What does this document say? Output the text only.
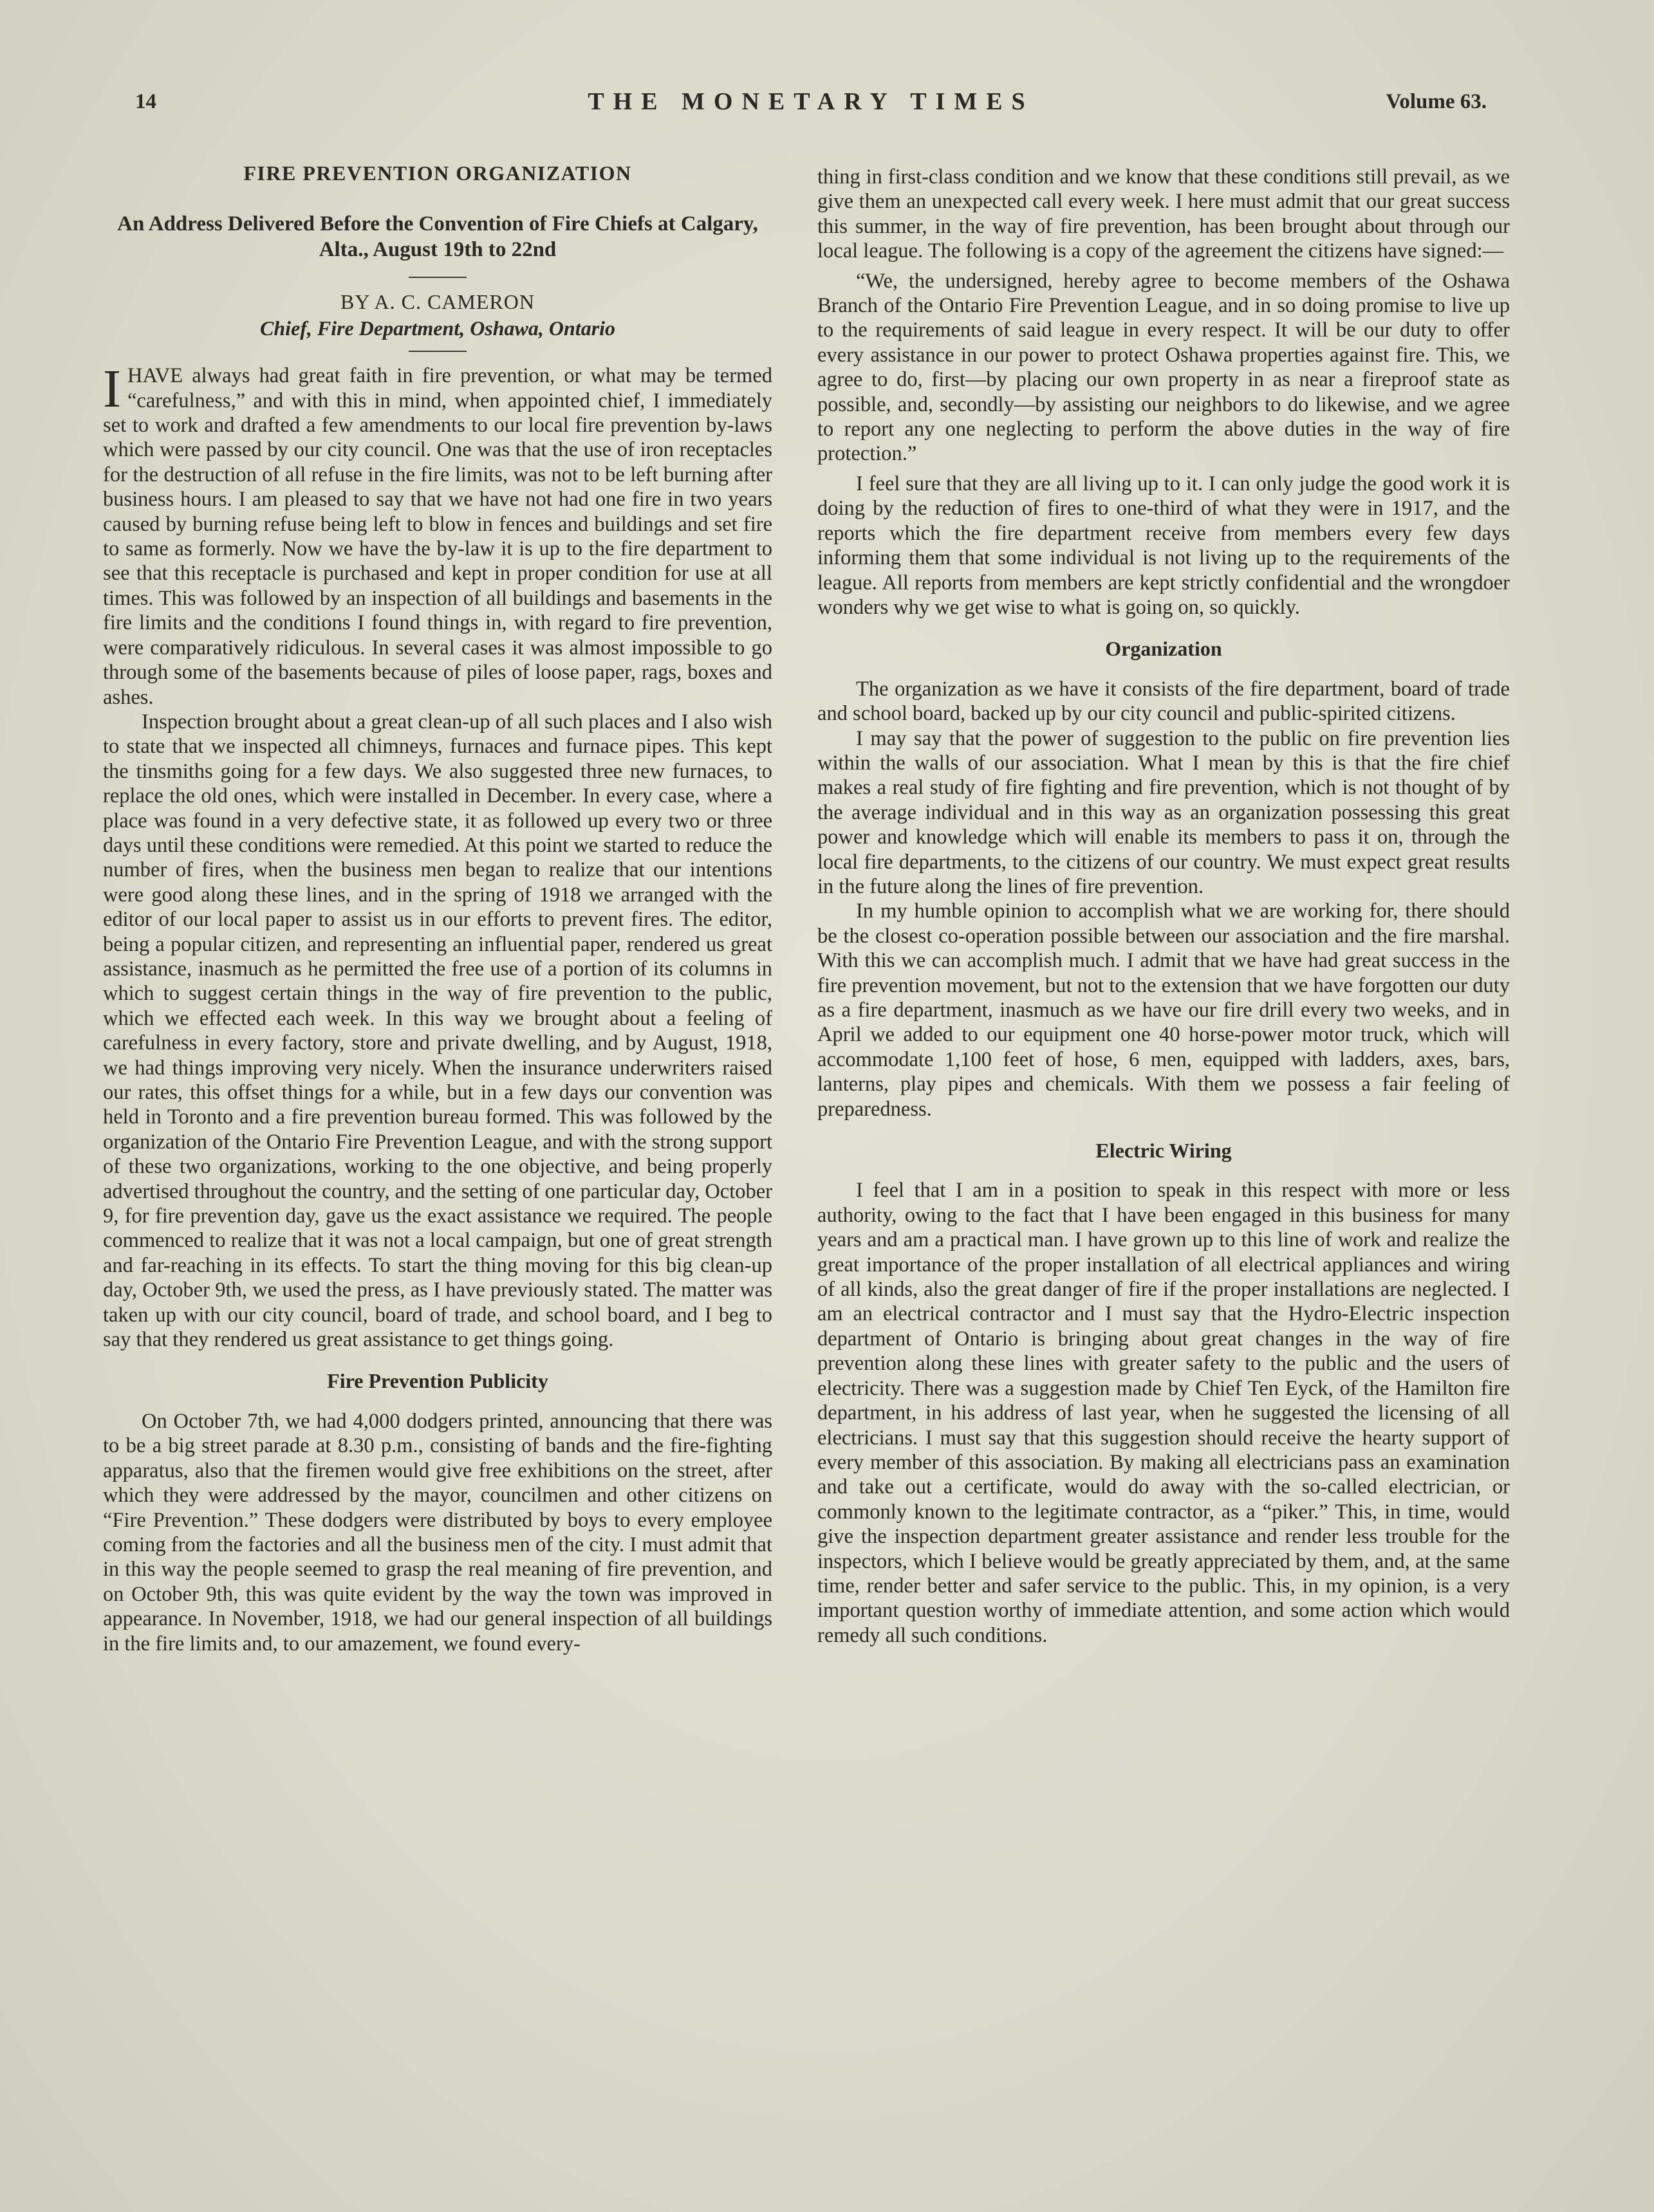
14	THE MONETARY TIMES	Volume 63.
FIRE PREVENTION ORGANIZATION
An Address Delivered Before the Convention of Fire Chiefs at Calgary, Alta., August 19th to 22nd
BY A. C. CAMERON
Chief, Fire Department, Oshawa, Ontario

IHAVE always had great faith in fire prevention, or what may be termed “carefulness,” and with this in mind, when appointed chief, I immediately set to work and drafted a few amendments to our local fire prevention by-laws which were passed by our city council. One was that the use of iron receptacles for the destruction of all refuse in the fire limits, was not to be left burning after business hours. I am pleased to say that we have not had one fire in two years caused by burning refuse being left to blow in fences and buildings and set fire to same as formerly. Now we have the by-law it is up to the fire department to see that this receptacle is purchased and kept in proper condition for use at all times. This was followed by an inspection of all buildings and basements in the fire limits and the conditions I found things in, with regard to fire prevention, were comparatively ridiculous. In several cases it was almost impossible to go through some of the basements because of piles of loose paper, rags, boxes and ashes.

Inspection brought about a great clean-up of all such places and I also wish to state that we inspected all chimneys, furnaces and furnace pipes. This kept the tinsmiths going for a few days. We also suggested three new furnaces, to replace the old ones, which were installed in December. In every case, where a place was found in a very defective state, it as followed up every two or three days until these conditions were remedied. At this point we started to reduce the number of fires, when the business men began to realize that our intentions were good along these lines, and in the spring of 1918 we arranged with the editor of our local paper to assist us in our efforts to prevent fires. The editor, being a popular citizen, and representing an influential paper, rendered us great assistance, inasmuch as he permitted the free use of a portion of its columns in which to suggest certain things in the way of fire prevention to the public, which we effected each week. In this way we brought about a feeling of carefulness in every factory, store and private dwelling, and by August, 1918, we had things improving very nicely. When the insurance underwriters raised our rates, this offset things for a while, but in a few days our convention was held in Toronto and a fire prevention bureau formed. This was followed by the organization of the Ontario Fire Prevention League, and with the strong support of these two organizations, working to the one objective, and being properly advertised throughout the country, and the setting of one particular day, October 9, for fire prevention day, gave us the exact assistance we required. The people commenced to realize that it was not a local campaign, but one of great strength and far-reaching in its effects. To start the thing moving for this big clean-up day, October 9th, we used the press, as I have previously stated. The matter was taken up with our city council, board of trade, and school board, and I beg to say that they rendered us great assistance to get things going.

Fire Prevention Publicity

On October 7th, we had 4,000 dodgers printed, announcing that there was to be a big street parade at 8.30 p.m., consisting of bands and the fire-fighting apparatus, also that the firemen would give free exhibitions on the street, after which they were addressed by the mayor, councilmen and other citizens on “Fire Prevention.” These dodgers were distributed by boys to every employee coming from the factories and all the business men of the city. I must admit that in this way the people seemed to grasp the real meaning of fire prevention, and on October 9th, this was quite evident by the way the town was improved in appearance. In November, 1918, we had our general inspection of all buildings in the fire limits and, to our amazement, we found every-

thing in first-class condition and we know that these conditions still prevail, as we give them an unexpected call every week. I here must admit that our great success this summer, in the way of fire prevention, has been brought about through our local league. The following is a copy of the agreement the citizens have signed:—

“We, the undersigned, hereby agree to become members of the Oshawa Branch of the Ontario Fire Prevention League, and in so doing promise to live up to the requirements of said league in every respect. It will be our duty to offer every assistance in our power to protect Oshawa properties against fire. This, we agree to do, first—by placing our own property in as near a fireproof state as possible, and, secondly—by assisting our neighbors to do likewise, and we agree to report any one neglecting to perform the above duties in the way of fire protection.”

I feel sure that they are all living up to it. I can only judge the good work it is doing by the reduction of fires to one-third of what they were in 1917, and the reports which the fire department receive from members every few days informing them that some individual is not living up to the requirements of the league. All reports from members are kept strictly confidential and the wrongdoer wonders why we get wise to what is going on, so quickly.

Organization

The organization as we have it consists of the fire department, board of trade and school board, backed up by our city council and public-spirited citizens.

I may say that the power of suggestion to the public on fire prevention lies within the walls of our association. What I mean by this is that the fire chief makes a real study of fire fighting and fire prevention, which is not thought of by the average individual and in this way as an organization possessing this great power and knowledge which will enable its members to pass it on, through the local fire departments, to the citizens of our country. We must expect great results in the future along the lines of fire prevention.

In my humble opinion to accomplish what we are working for, there should be the closest co-operation possible between our association and the fire marshal. With this we can accomplish much. I admit that we have had great success in the fire prevention movement, but not to the extension that we have forgotten our duty as a fire department, inasmuch as we have our fire drill every two weeks, and in April we added to our equipment one 40 horse-power motor truck, which will accommodate 1,100 feet of hose, 6 men, equipped with ladders, axes, bars, lanterns, play pipes and chemicals. With them we possess a fair feeling of preparedness.

Electric Wiring

I feel that I am in a position to speak in this respect with more or less authority, owing to the fact that I have been engaged in this business for many years and am a practical man. I have grown up to this line of work and realize the great importance of the proper installation of all electrical appliances and wiring of all kinds, also the great danger of fire if the proper installations are neglected. I am an electrical contractor and I must say that the Hydro-Electric inspection department of Ontario is bringing about great changes in the way of fire prevention along these lines with greater safety to the public and the users of electricity. There was a suggestion made by Chief Ten Eyck, of the Hamilton fire department, in his address of last year, when he suggested the licensing of all electricians. I must say that this suggestion should receive the hearty support of every member of this association. By making all electricians pass an examination and take out a certificate, would do away with the so-called electrician, or commonly known to the legitimate contractor, as a “piker.” This, in time, would give the inspection department greater assistance and render less trouble for the inspectors, which I believe would be greatly appreciated by them, and, at the same time, render better and safer service to the public. This, in my opinion, is a very important question worthy of immediate attention, and some action which would remedy all such conditions.
